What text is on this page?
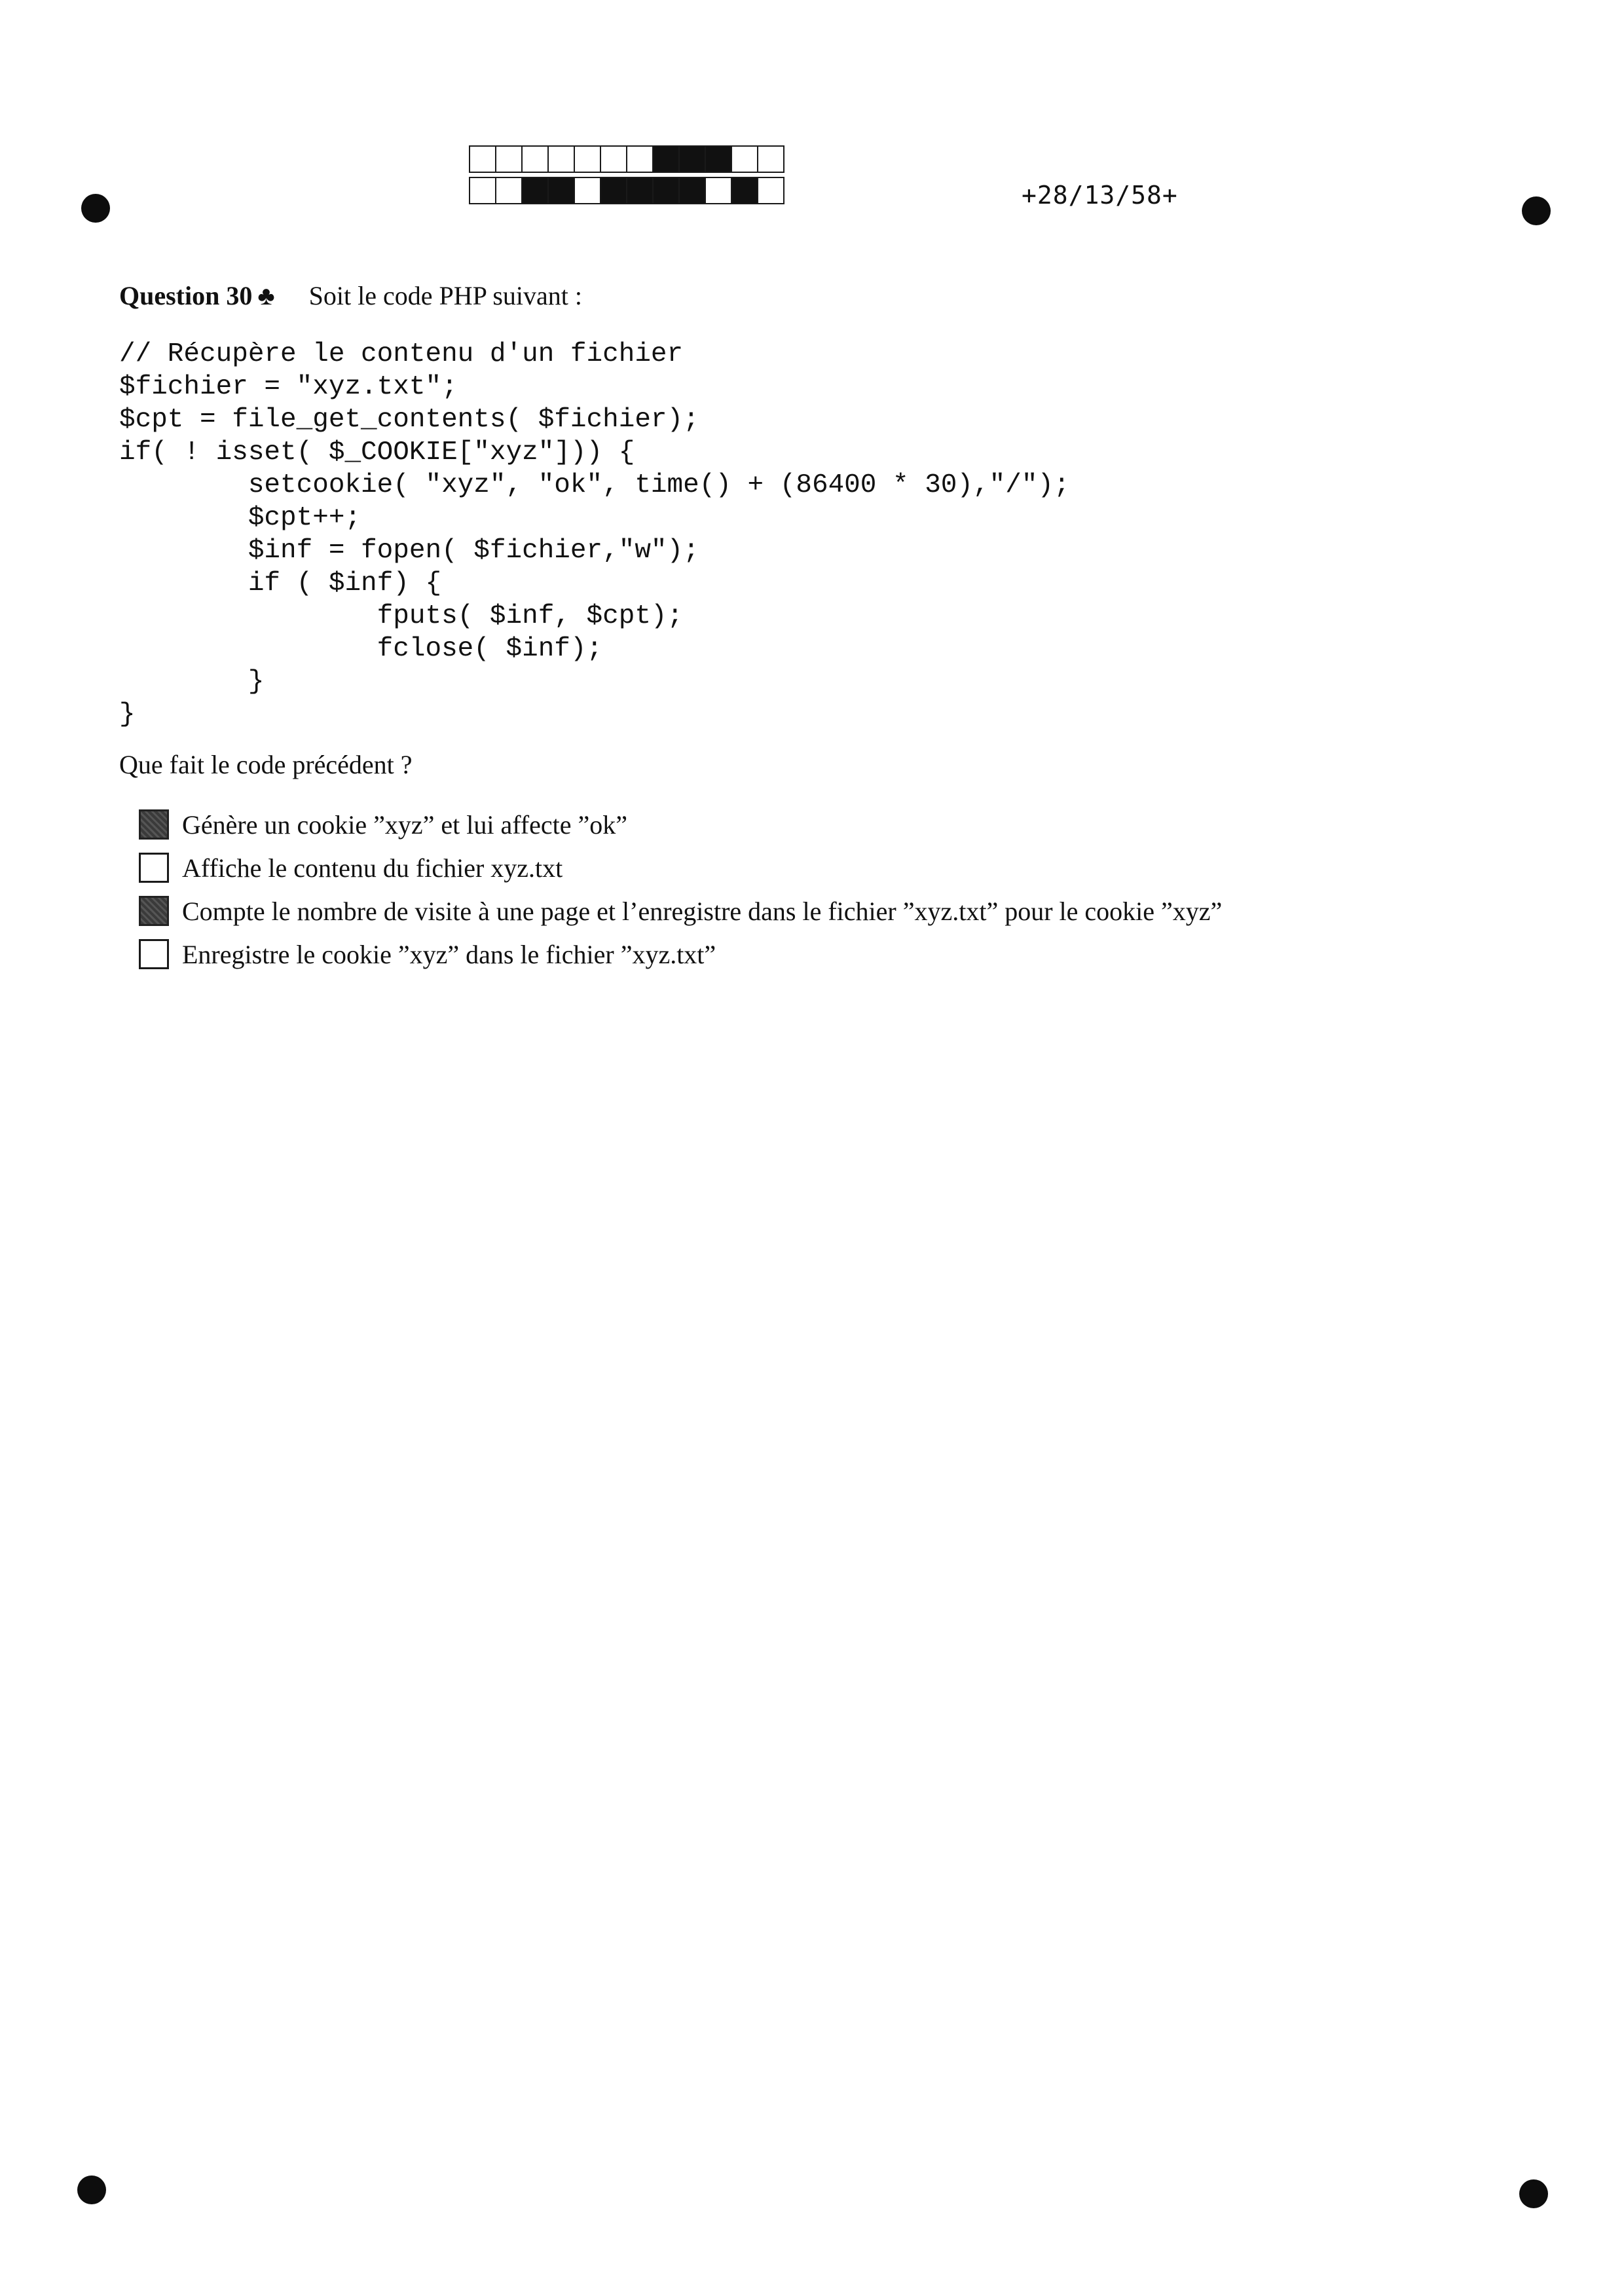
+28/13/58+
Question 30 ♣ Soit le code PHP suivant :
// Récupère le contenu d'un fichier
$fichier = "xyz.txt";
$cpt = file_get_contents( $fichier);
if( ! isset( $_COOKIE["xyz"])) {
setcookie( "xyz", "ok", time() + (86400 * 30),"/");
$cpt++;
$inf = fopen( $fichier,"w");
if ( $inf) {
fputs( $inf, $cpt);
fclose( $inf);
}
}
Que fait le code précédent ?
Génère un cookie ”xyz” et lui affecte ”ok”
Affiche le contenu du fichier xyz.txt
Compte le nombre de visite à une page et l’enregistre dans le fichier ”xyz.txt” pour le cookie ”xyz”
Enregistre le cookie ”xyz” dans le fichier ”xyz.txt”
